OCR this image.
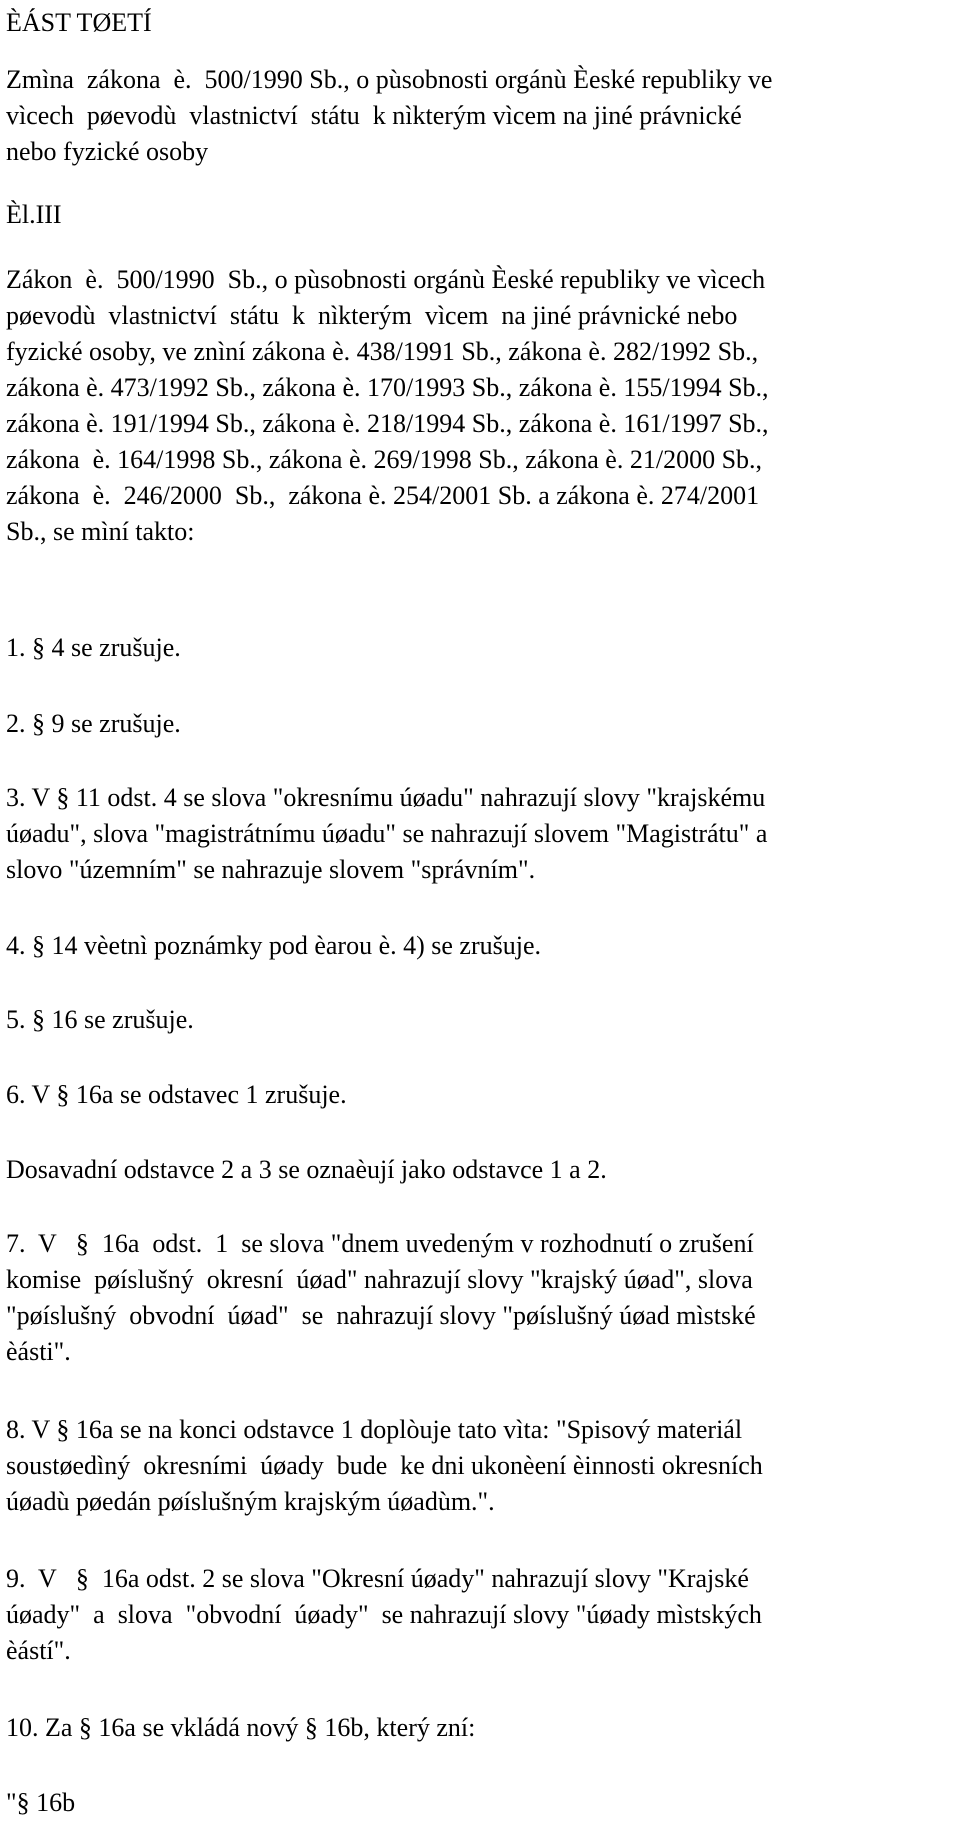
ÈÁST TØETÍ

Zmìna  zákona  è.  500/1990 Sb., o pùsobnosti orgánù Èeské republiky ve

vìcech  pøevodù  vlastnictví  státu  k nìkterým vìcem na jiné právnické

nebo fyzické osoby

Èl.III

Zákon  è.  500/1990  Sb., o pùsobnosti orgánù Èeské republiky ve vìcech

pøevodù  vlastnictví  státu  k  nìkterým  vìcem  na jiné právnické nebo

fyzické osoby, ve znìní zákona è. 438/1991 Sb., zákona è. 282/1992 Sb.,

zákona è. 473/1992 Sb., zákona è. 170/1993 Sb., zákona è. 155/1994 Sb.,

zákona è. 191/1994 Sb., zákona è. 218/1994 Sb., zákona è. 161/1997 Sb.,

zákona  è. 164/1998 Sb., zákona è. 269/1998 Sb., zákona è. 21/2000 Sb.,

zákona  è.  246/2000  Sb.,  zákona è. 254/2001 Sb. a zákona è. 274/2001

Sb., se mìní takto:

1. § 4 se zrušuje.

2. § 9 se zrušuje.

3. V § 11 odst. 4 se slova "okresnímu úøadu" nahrazují slovy "krajskému

úøadu", slova "magistrátnímu úøadu" se nahrazují slovem "Magistrátu" a

slovo "územním" se nahrazuje slovem "správním".

4. § 14 vèetnì poznámky pod èarou è. 4) se zrušuje.

5. § 16 se zrušuje.

6. V § 16a se odstavec 1 zrušuje.

Dosavadní odstavce 2 a 3 se oznaèují jako odstavce 1 a 2.

7.  V   §  16a  odst.  1  se slova "dnem uvedeným v rozhodnutí o zrušení

komise  pøíslušný  okresní  úøad" nahrazují slovy "krajský úøad", slova

"pøíslušný  obvodní  úøad"  se  nahrazují slovy "pøíslušný úøad mìstské

èásti".

8. V § 16a se na konci odstavce 1 doplòuje tato vìta: "Spisový materiál

soustøedìný  okresními  úøady  bude  ke dni ukonèení èinnosti okresních

úøadù pøedán pøíslušným krajským úøadùm.".

9.  V   §  16a odst. 2 se slova "Okresní úøady" nahrazují slovy "Krajské

úøady"  a  slova  "obvodní  úøady"  se nahrazují slovy "úøady mìstských

èástí".

10. Za § 16a se vkládá nový § 16b, který zní:

"§ 16b
